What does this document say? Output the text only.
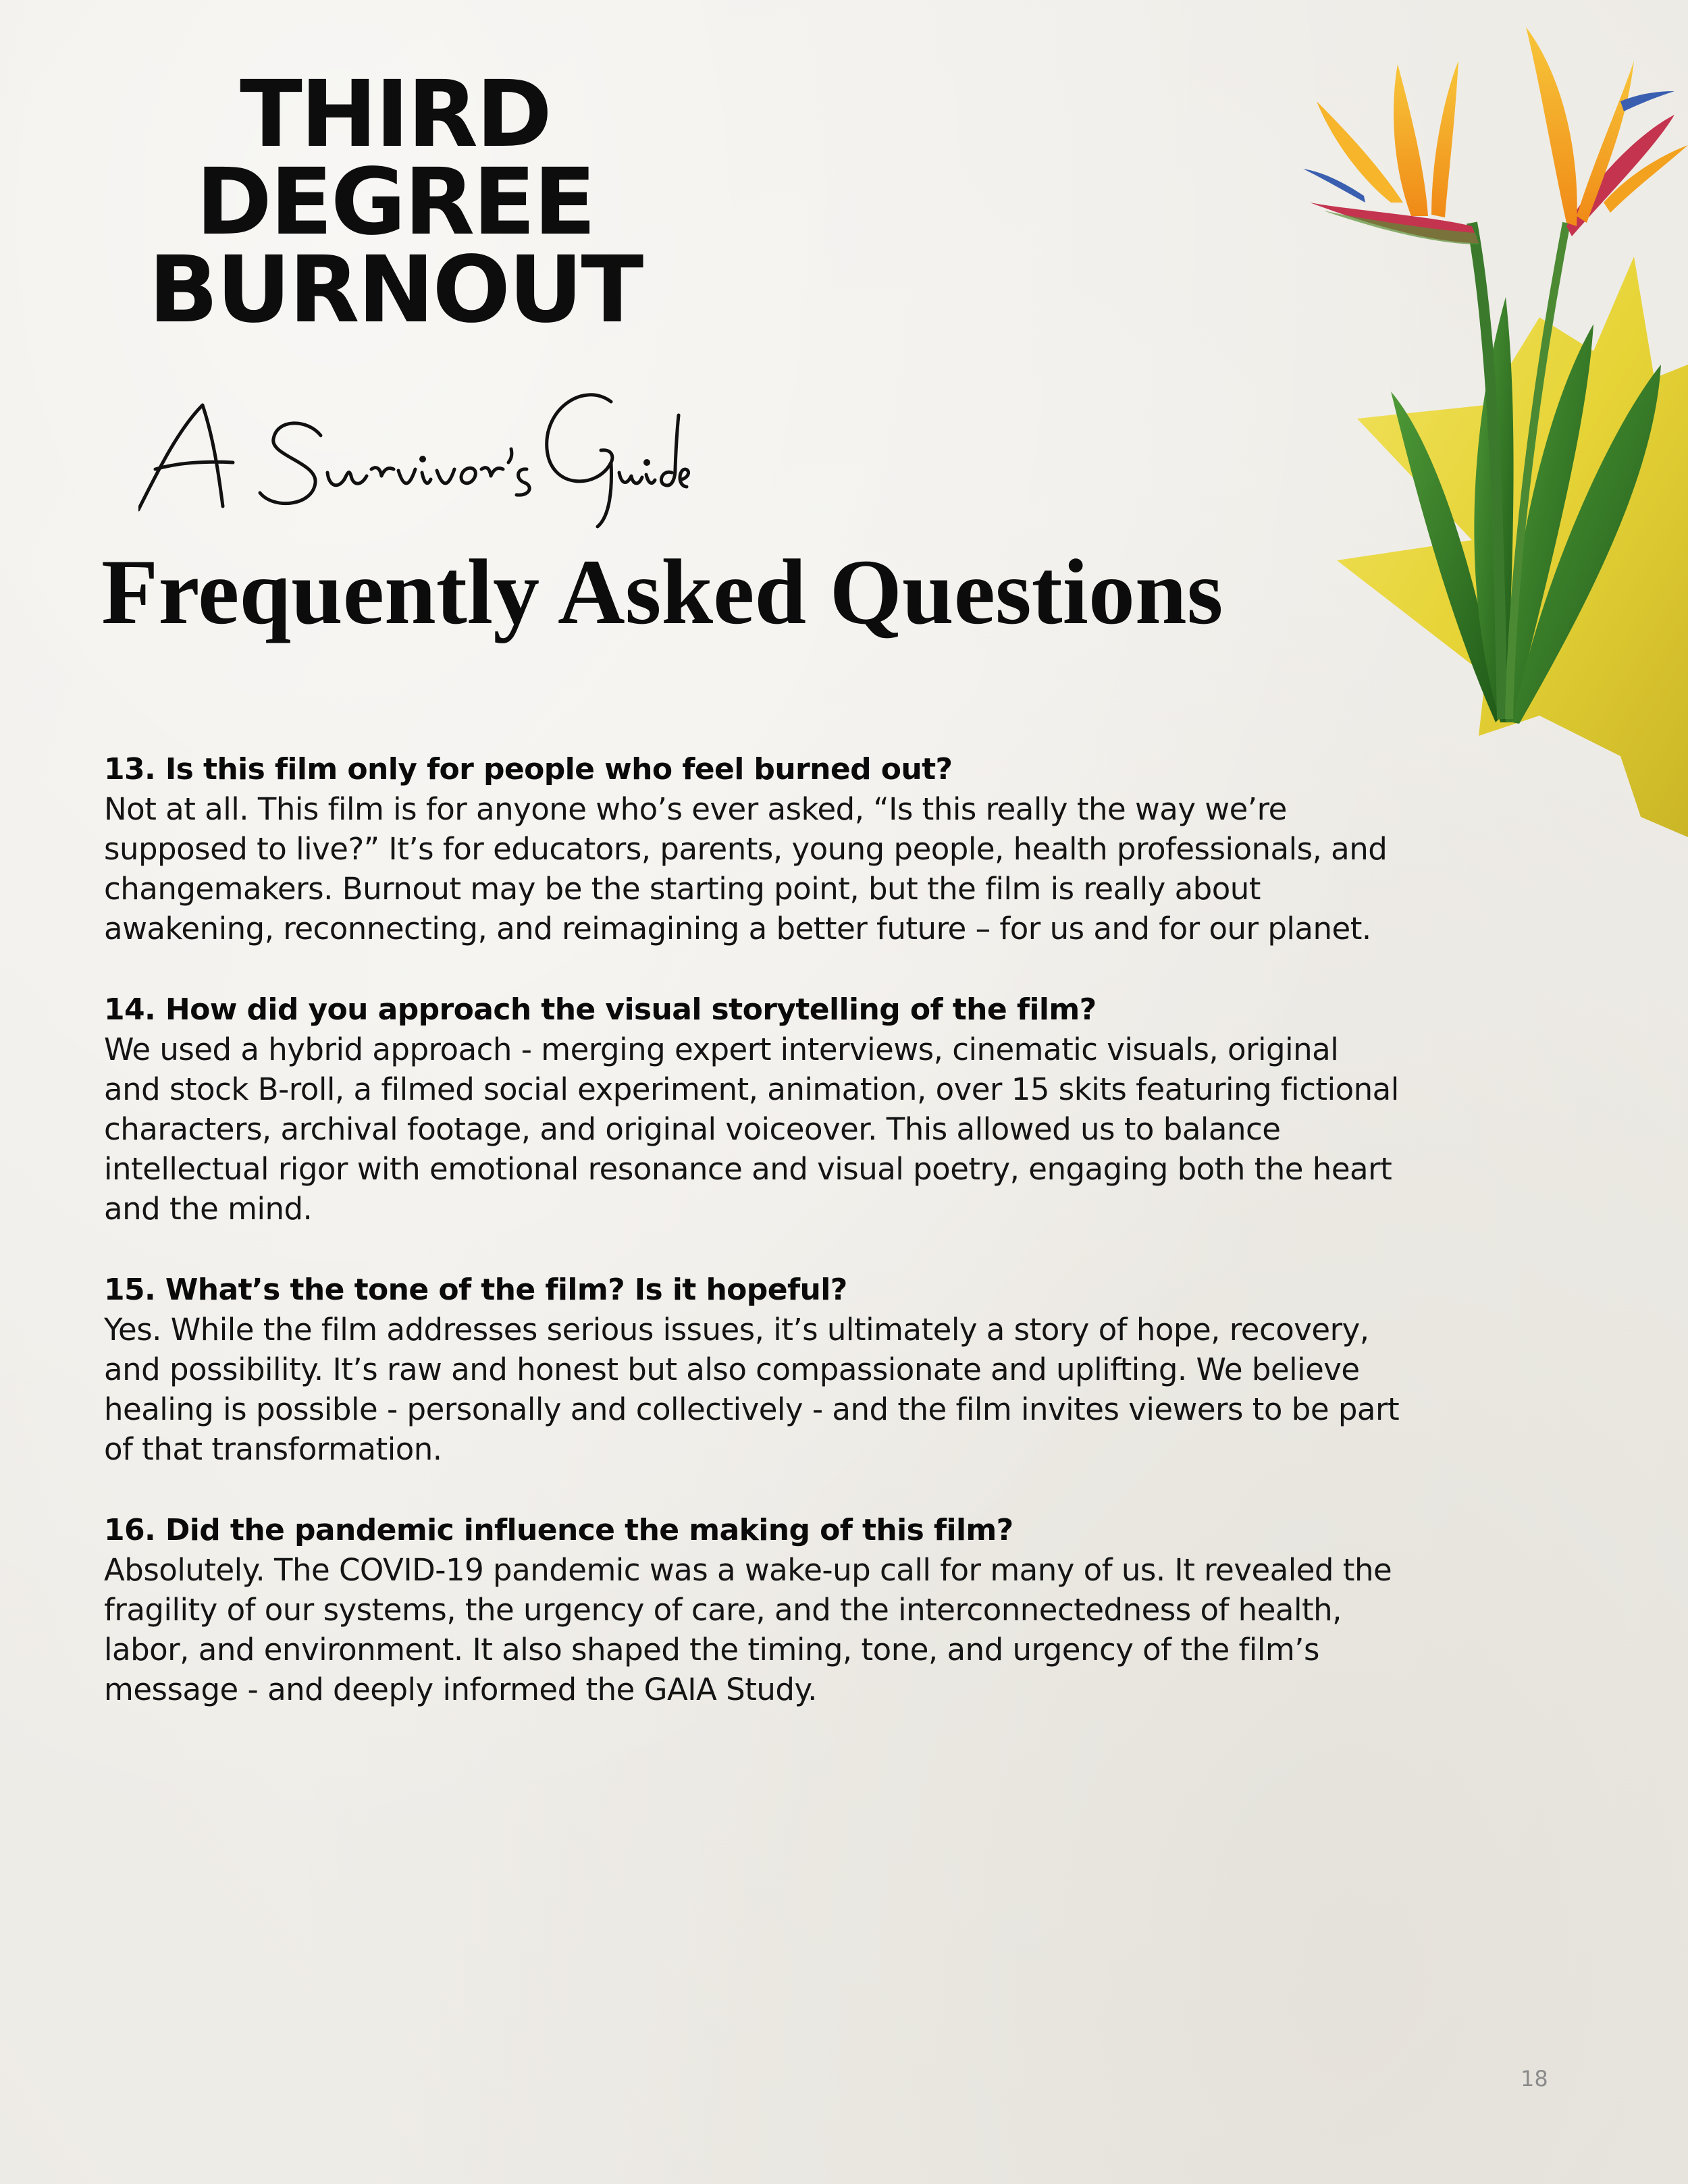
THIRD
DEGREE
BURNOUT
Frequently Asked Questions

13. Is this film only for people who feel burned out?

Not at all. This film is for anyone who’s ever asked, “Is this really the way we’re
supposed to live?” It’s for educators, parents, young people, health professionals, and
changemakers. Burnout may be the starting point, but the film is really about
awakening, reconnecting, and reimagining a better future – for us and for our planet.

14. How did you approach the visual storytelling of the film?

We used a hybrid approach - merging expert interviews, cinematic visuals, original
and stock B-roll, a filmed social experiment, animation, over 15 skits featuring fictional
characters, archival footage, and original voiceover. This allowed us to balance
intellectual rigor with emotional resonance and visual poetry, engaging both the heart
and the mind.

15. What’s the tone of the film? Is it hopeful?

Yes. While the film addresses serious issues, it’s ultimately a story of hope, recovery,
and possibility. It’s raw and honest but also compassionate and uplifting. We believe
healing is possible - personally and collectively - and the film invites viewers to be part
of that transformation.

16. Did the pandemic influence the making of this film?

Absolutely. The COVID-19 pandemic was a wake-up call for many of us. It revealed the
fragility of our systems, the urgency of care, and the interconnectedness of health,
labor, and environment. It also shaped the timing, tone, and urgency of the film’s
message - and deeply informed the GAIA Study.

18
